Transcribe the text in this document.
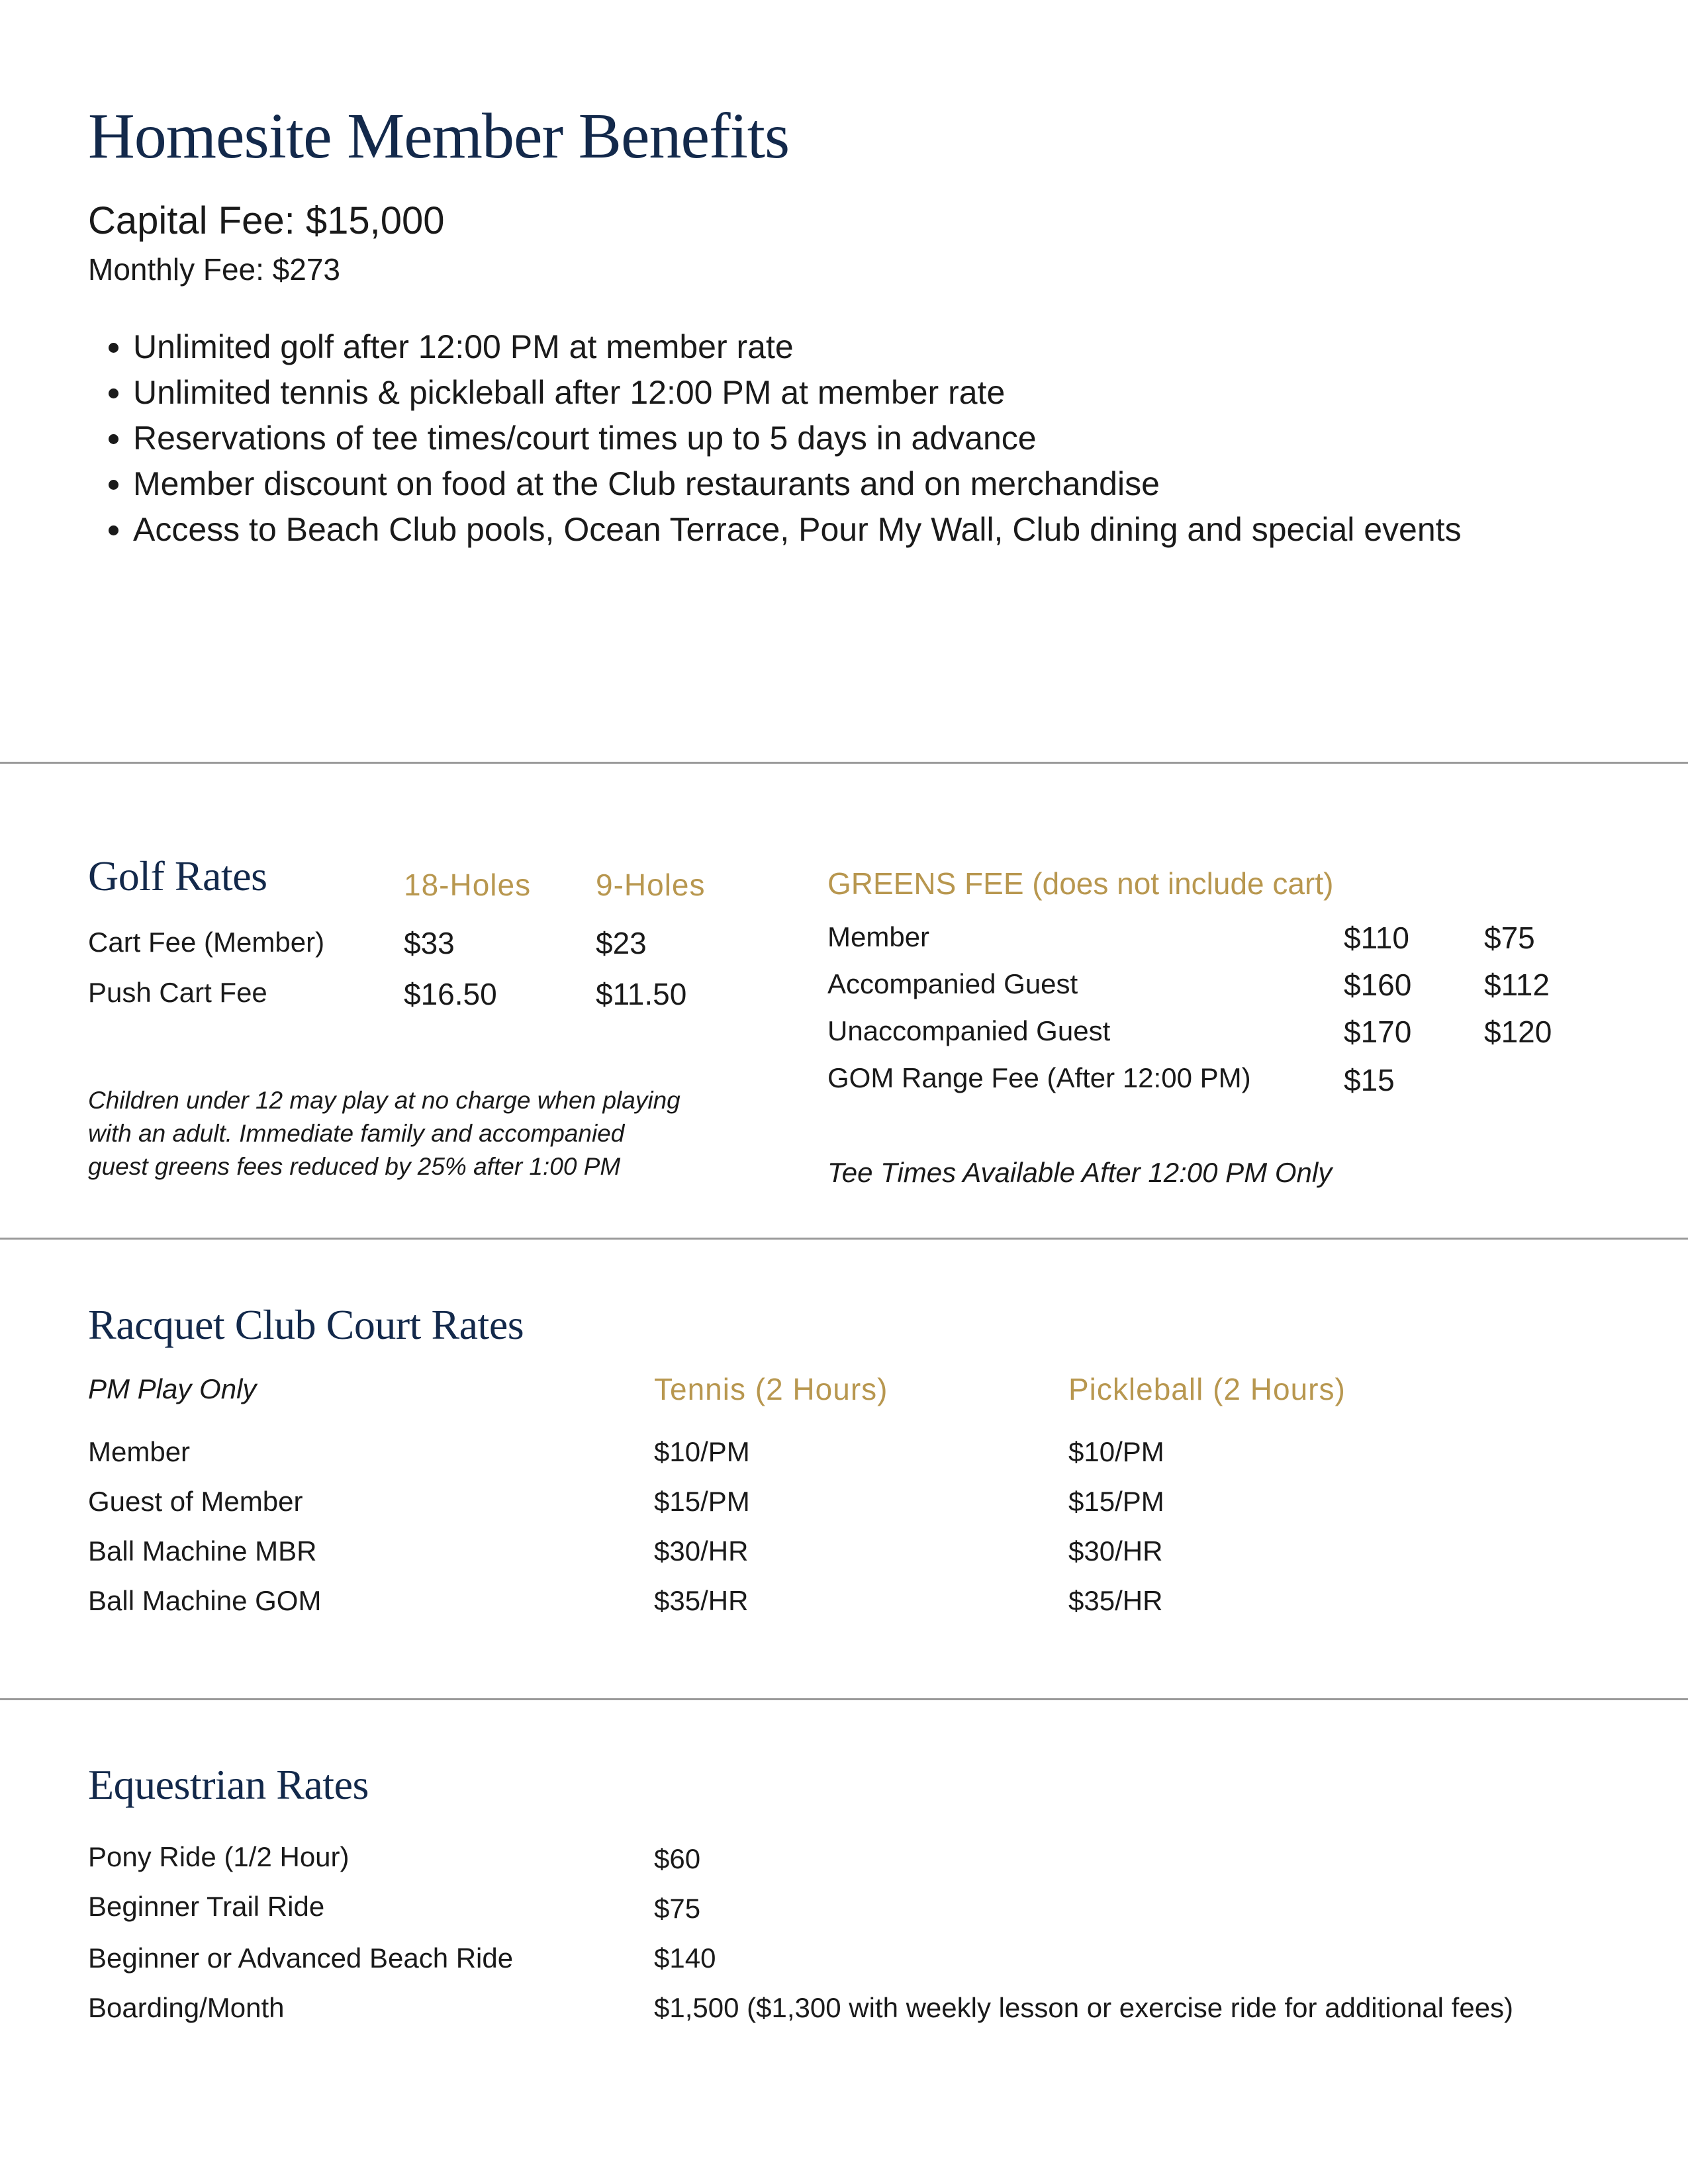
Homesite Member Benefits
Capital Fee: $15,000
Monthly Fee: $273
• Unlimited golf after 12:00 PM at member rate
• Unlimited tennis & pickleball after 12:00 PM at member rate
• Reservations of tee times/court times up to 5 days in advance
• Member discount on food at the Club restaurants and on merchandise
• Access to Beach Club pools, Ocean Terrace, Pour My Wall, Club dining and special events
Golf Rates	18-Holes 9-Holes
Cart Fee (Member)	$33	$23
Push Cart Fee	$16.50	$11.50
Children under 12 may play at no charge when playing
with an adult. Immediate family and accompanied
guest greens fees reduced by 25% after 1:00 PM
GREENS FEE (does not include cart)
Member	$110 $75
Accompanied Guest	$160 $112
Unaccompanied Guest	$170 $120
GOM Range Fee (After 12:00 PM)	$15
Tee Times Available After 12:00 PM Only
Racquet Club Court Rates
PM Play Only	Tennis (2 Hours)	Pickleball (2 Hours)
Member	$10/PM	$10/PM
Guest of Member	$15/PM	$15/PM
Ball Machine MBR	$30/HR	$30/HR
Ball Machine GOM	$35/HR	$35/HR
Equestrian Rates
Pony Ride (1/2 Hour)	$60
Beginner Trail Ride	$75
Beginner or Advanced Beach Ride	$140
Boarding/Month	$1,500 ($1,300 with weekly lesson or exercise ride for additional fees)
